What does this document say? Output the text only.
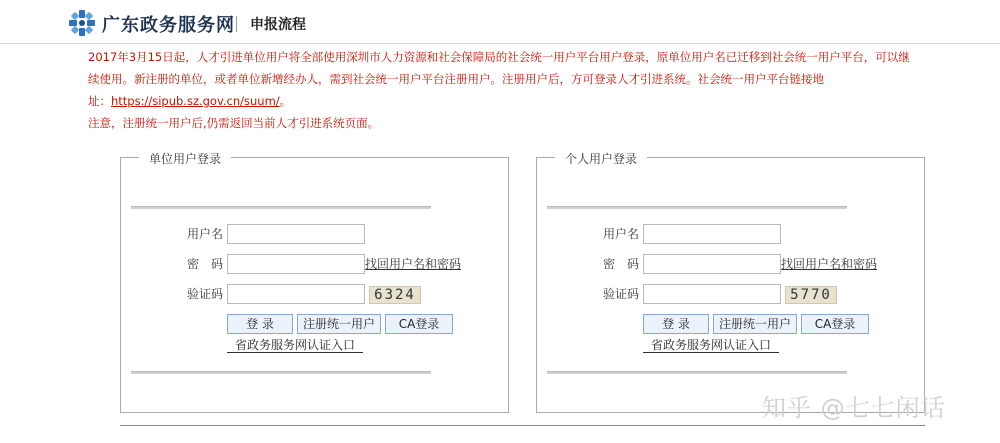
广东政务服务网 申报流程
2017年3月15日起，人才引进单位用户将全部使用深圳市人力资源和社会保障局的社会统一用户平台用户登录，原单位用户名已迁移到社会统一用户平台，可以继
续使用。新注册的单位，或者单位新增经办人，需到社会统一用户平台注册用户。注册用户后，方可登录人才引进系统。社会统一用户平台链接地
址：https://sipub.sz.gov.cn/suum/。
注意，注册统一用户后,仍需返回当前人才引进系统页面。
单位用户登录
用户名
密　码	找回用户名和密码
验证码	6324
登 录	注册统一用户	CA登录
省政务服务网认证入口
个人用户登录
用户名
密　码	找回用户名和密码
验证码	5770
登 录	注册统一用户	CA登录
省政务服务网认证入口
知乎 @七七闲话
